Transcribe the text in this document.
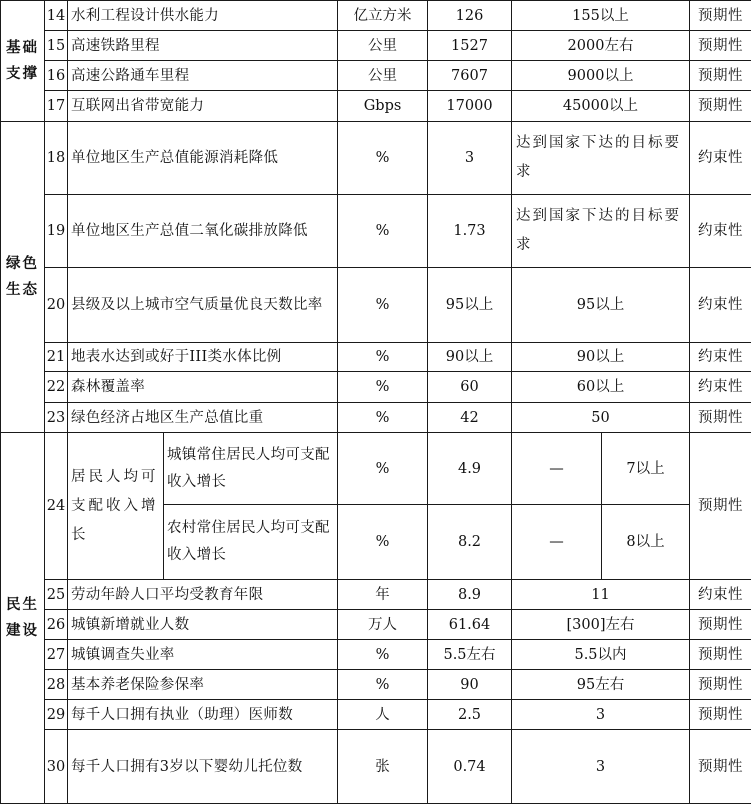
基础支撑	14	水利工程设计供水能力		亿立方米	126	155以上		预期性
	15	高速铁路里程		公里	1527	2000左右		预期性
	16	高速公路通车里程		公里	7607	9000以上		预期性
	17	互联网出省带宽能力		Gbps	17000	45000以上		预期性
绿色生态	18	单位地区生产总值能源消耗降低		%	3	达到国家下达的目标要求		约束性
	19	单位地区生产总值二氧化碳排放降低		%	1.73	达到国家下达的目标要求		约束性
	20	县级及以上城市空气质量优良天数比率		%	95以上	95以上		约束性
	21	地表水达到或好于III类水体比例		%	90以上	90以上		约束性
	22	森林覆盖率		%	60	60以上		约束性
	23	绿色经济占地区生产总值比重		%	42	50		预期性
民生建设	24	居民人均可支配收入增长	城镇常住居民人均可支配收入增长	%	4.9	—	7以上	预期性
			农村常住居民人均可支配收入增长	%	8.2	—	8以上	
	25	劳动年龄人口平均受教育年限		年	8.9	11		约束性
	26	城镇新增就业人数		万人	61.64	[300]左右		预期性
	27	城镇调查失业率		%	5.5左右	5.5以内		预期性
	28	基本养老保险参保率		%	90	95左右		预期性
	29	每千人口拥有执业（助理）医师数		人	2.5	3		预期性
	30	每千人口拥有3岁以下婴幼儿托位数		张	0.74	3		预期性
